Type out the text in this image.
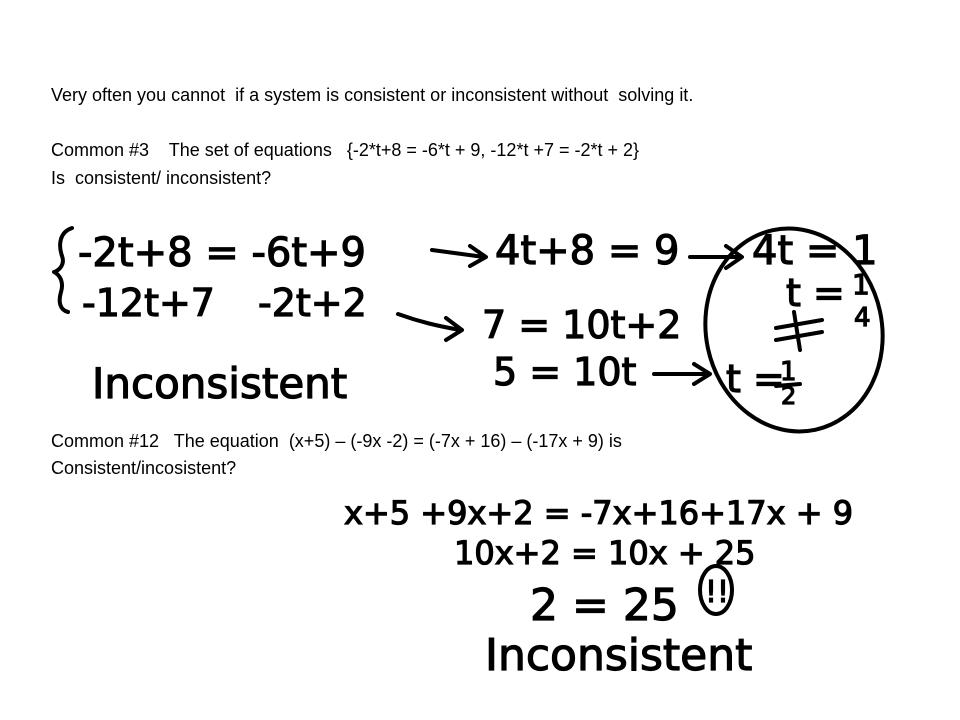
Very often you cannot  if a system is consistent or inconsistent without  solving it.

Common #3    The set of equations   {-2*t+8 = -6*t + 9, -12*t +7 = -2*t + 2}

Is  consistent/ inconsistent?

Common #12   The equation  (x+5) – (-9x -2) = (-7x + 16) – (-17x + 9) is

Consistent/incosistent?

-2t+8 = -6t+9
-12t+7 -2t+2
4t+8 = 9 4t = 1
t = 1
4
7 = 10t+2
5 = 10t t =
1
2
Inconsistent
x+5 +9x+2 = -7x+16+17x + 9
10x+2 = 10x + 25
2 = 25 !!
Inconsistent
